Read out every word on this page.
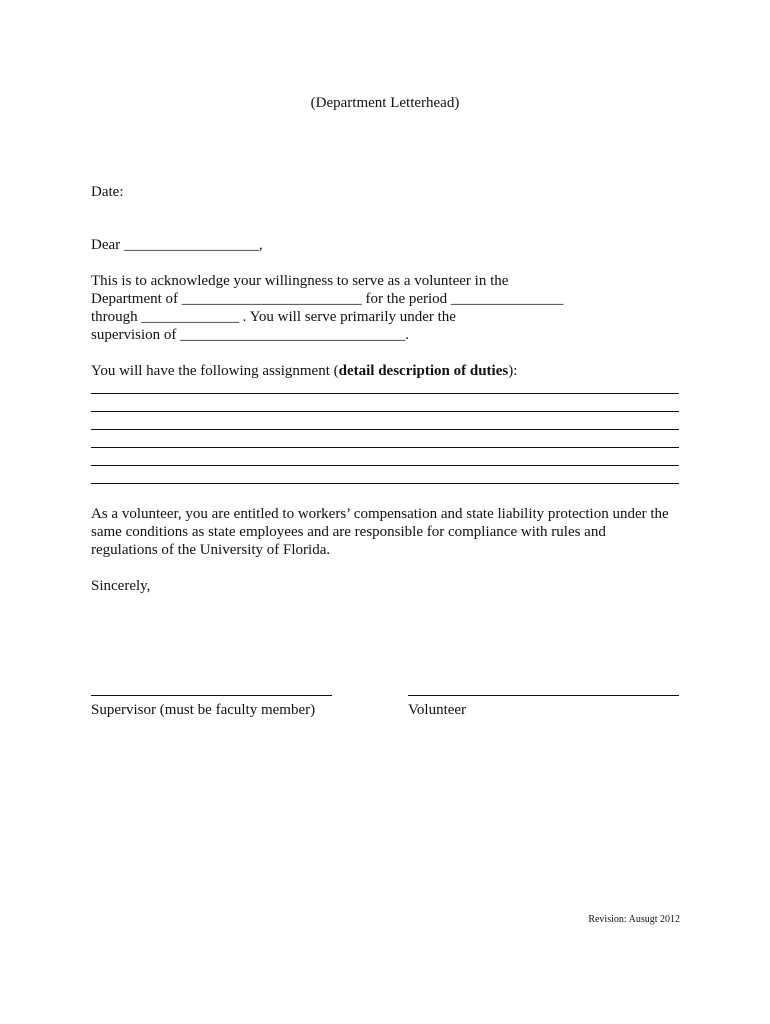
(Department Letterhead)
Date:
Dear __________________,
This is to acknowledge your willingness to serve as a volunteer in the
Department of ________________________ for the period _______________
through _____________ . You will serve primarily under the
supervision of ______________________________.
You will have the following assignment (detail description of duties):
As a volunteer, you are entitled to workers’ compensation and state liability protection under the
same conditions as state employees and are responsible for compliance with rules and
regulations of the University of Florida.
Sincerely,
Supervisor (must be faculty member)	Volunteer
Revision: Ausugt 2012
